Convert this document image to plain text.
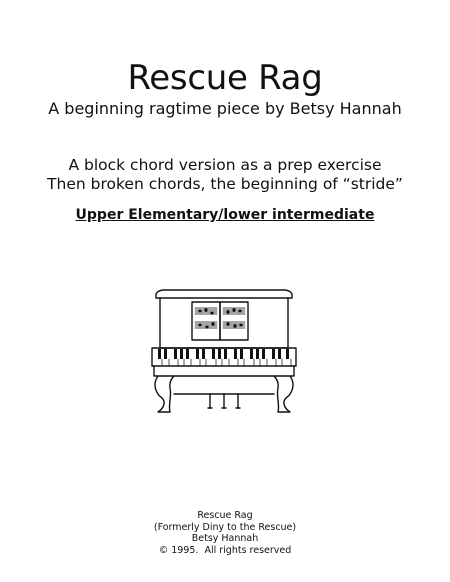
Rescue Rag
A beginning ragtime piece by Betsy Hannah
A block chord version as a prep exercise
Then broken chords, the beginning of “stride”
Upper Elementary/lower intermediate
Rescue Rag
(Formerly Diny to the Rescue)
Betsy Hannah
© 1995.  All rights reserved
